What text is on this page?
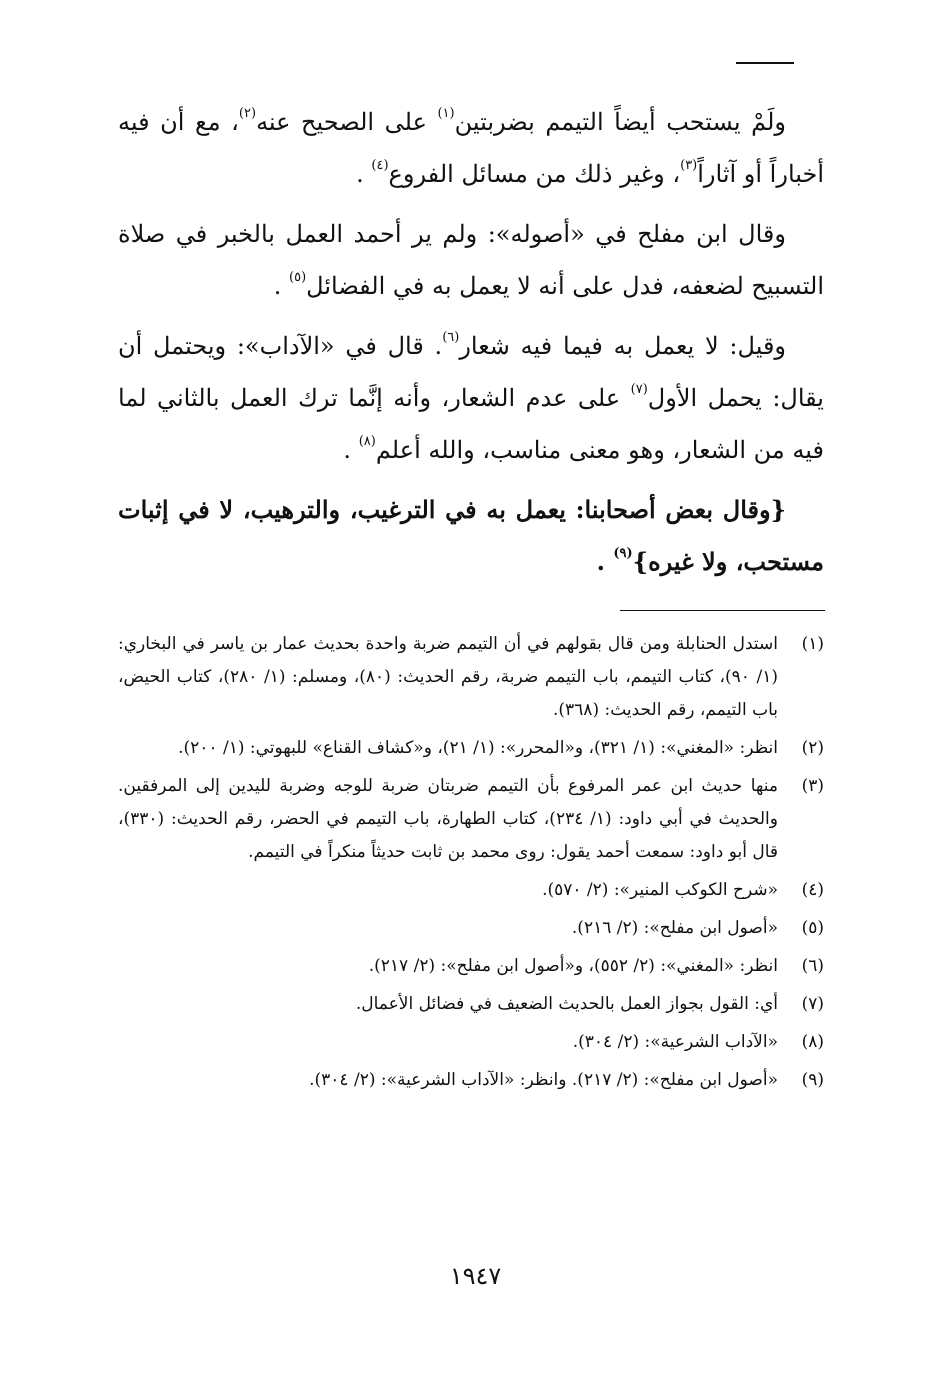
ولَمْ يستحب أيضاً التيمم بضربتين$^{(١)}$ على الصحيح عنه$^{(٢)}$، مع أن فيه أخباراً أو آثاراً$^{(٣)}$، وغير ذلك من مسائل الفروع$^{(٤)}$ .

وقال ابن مفلح في «أصوله»: ولم ير أحمد العمل بالخبر في صلاة التسبيح لضعفه، فدل على أنه لا يعمل به في الفضائل$^{(٥)}$ .

وقيل: لا يعمل به فيما فيه شعار$^{(٦)}$. قال في «الآداب»: ويحتمل أن يقال: يحمل الأول$^{(٧)}$ على عدم الشعار، وأنه إنَّما ترك العمل بالثاني لما فيه من الشعار، وهو معنى مناسب، والله أعلم$^{(٨)}$ .

{وقال بعض أصحابنا: يعمل به في الترغيب، والترهيب، لا في إثبات مستحب، ولا غيره}$^{(٩)}$ .

(١)
استدل الحنابلة ومن قال بقولهم في أن التيمم ضربة واحدة بحديث عمار بن ياسر في البخاري: (١/ ٩٠)، كتاب التيمم، باب التيمم ضربة، رقم الحديث: (٨٠)، ومسلم: (١/ ٢٨٠)، كتاب الحيض، باب التيمم، رقم الحديث: (٣٦٨).
(٢)
انظر: «المغني»: (١/ ٣٢١)، و«المحرر»: (١/ ٢١)، و«كشاف القناع» للبهوتي: (١/ ٢٠٠).
(٣)
منها حديث ابن عمر المرفوع بأن التيمم ضربتان ضربة للوجه وضربة لليدين إلى المرفقين. والحديث في أبي داود: (١/ ٢٣٤)، كتاب الطهارة، باب التيمم في الحضر، رقم الحديث: (٣٣٠)، قال أبو داود: سمعت أحمد يقول: روى محمد بن ثابت حديثاً منكراً في التيمم.
(٤)
«شرح الكوكب المنير»: (٢/ ٥٧٠).
(٥)
«أصول ابن مفلح»: (٢/ ٢١٦).
(٦)
انظر: «المغني»: (٢/ ٥٥٢)، و«أصول ابن مفلح»: (٢/ ٢١٧).
(٧)
أي: القول بجواز العمل بالحديث الضعيف في فضائل الأعمال.
(٨)
«الآداب الشرعية»: (٢/ ٣٠٤).
(٩)
«أصول ابن مفلح»: (٢/ ٢١٧). وانظر: «الآداب الشرعية»: (٢/ ٣٠٤).
١٩٤٧
